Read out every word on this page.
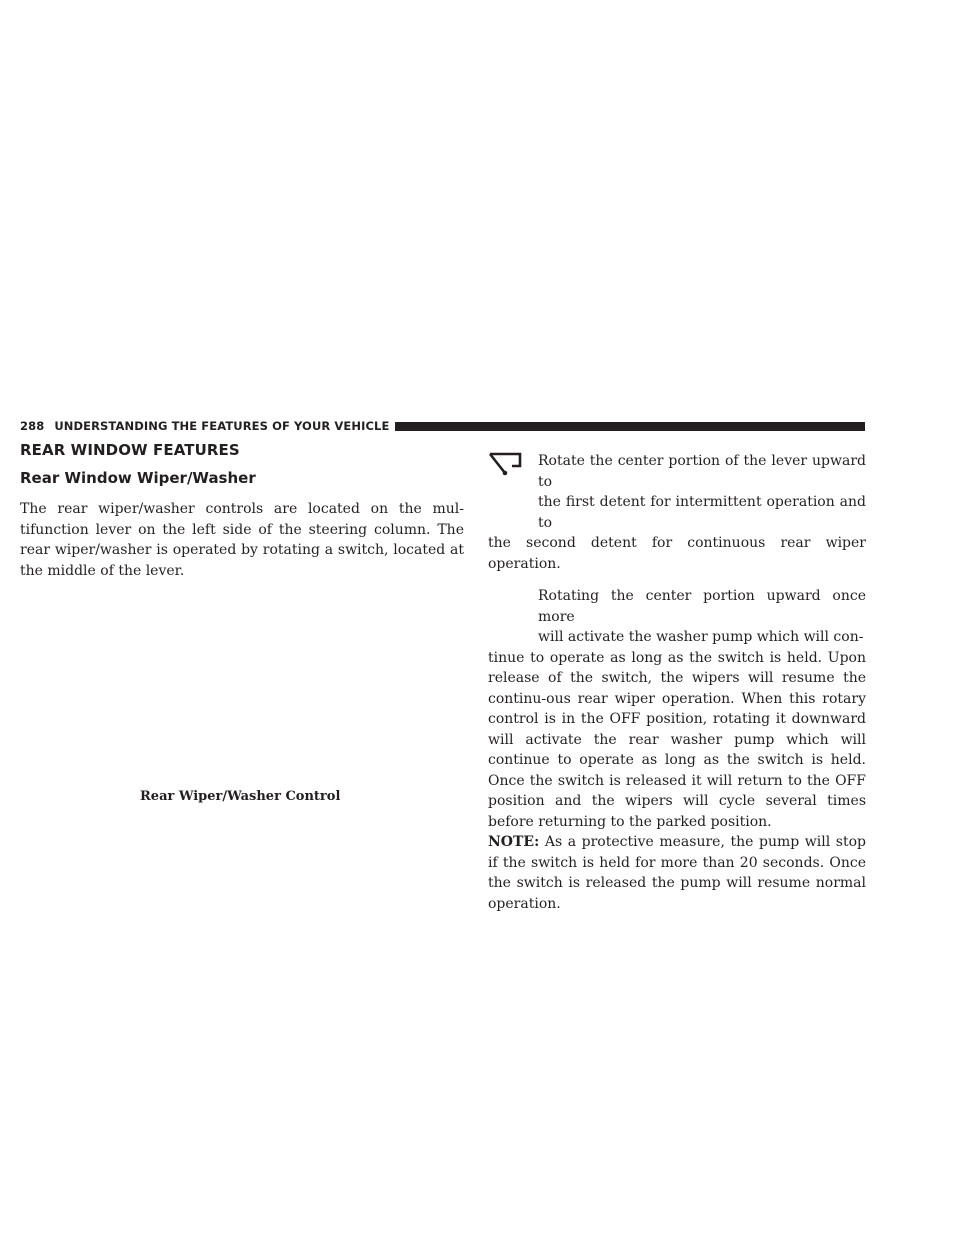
288 UNDERSTANDING THE FEATURES OF YOUR VEHICLE
REAR WINDOW FEATURES
Rear Window Wiper/Washer

The rear wiper/washer controls are located on the mul-tifunction lever on the left side of the steering column. The rear wiper/washer is operated by rotating a switch, located at the middle of the lever.

Rear Wiper/Washer Control

Rotate the center portion of the lever upward to
the first detent for intermittent operation and to
the second detent for continuous rear wiper operation.

Rotating the center portion upward once more
will activate the washer pump which will con-
tinue to operate as long as the switch is held. Upon release of the switch, the wipers will resume the continu-ous rear wiper operation. When this rotary control is in the OFF position, rotating it downward will activate the rear washer pump which will continue to operate as long as the switch is held. Once the switch is released it will return to the OFF position and the wipers will cycle several times before returning to the parked position.

NOTE: As a protective measure, the pump will stop if the switch is held for more than 20 seconds. Once the switch is released the pump will resume normal operation.
